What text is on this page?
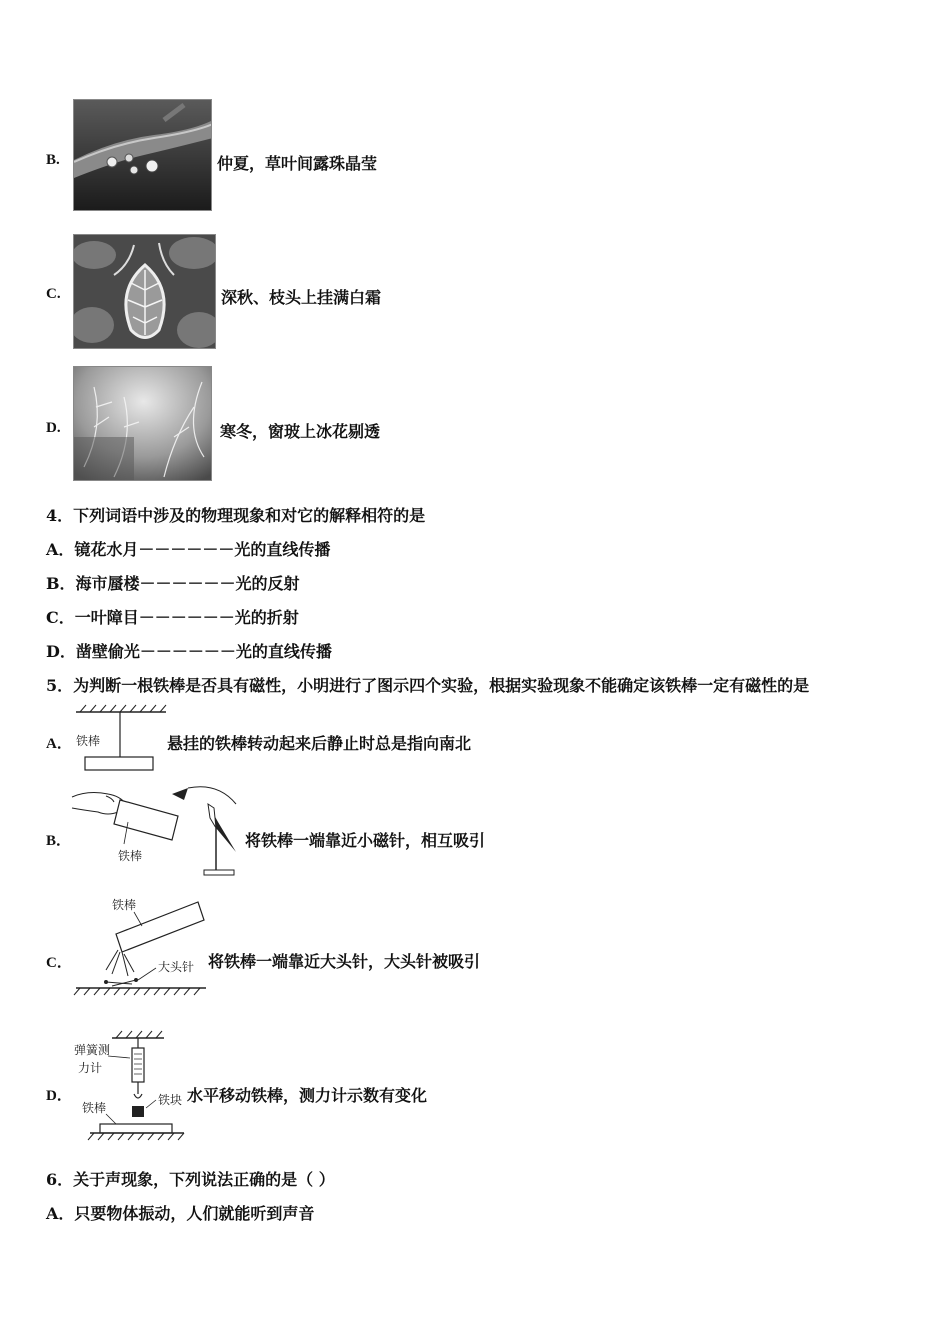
B.	仲夏，草叶间露珠晶莹
C.	深秋、枝头上挂满白霜
D.	寒冬，窗玻上冰花剔透
4．下列词语中涉及的物理现象和对它的解释相符的是
A．镜花水月－－－－－－光的直线传播
B．海市蜃楼－－－－－－光的反射
C．一叶障目－－－－－－光的折射
D．凿壁偷光－－－－－－光的直线传播
5．为判断一根铁棒是否具有磁性，小明进行了图示四个实验，根据实验现象不能确定该铁棒一定有磁性的是
A． 铁棒	悬挂的铁棒转动起来后静止时总是指向南北
B．
铁棒
将铁棒一端靠近小磁针，相互吸引
C．
铁棒
大头针 将铁棒一端靠近大头针，大头针被吸引
D．
弹簧测
力计
铁块
铁棒
水平移动铁棒，测力计示数有变化
6．关于声现象，下列说法正确的是（ ）
A．只要物体振动，人们就能听到声音
